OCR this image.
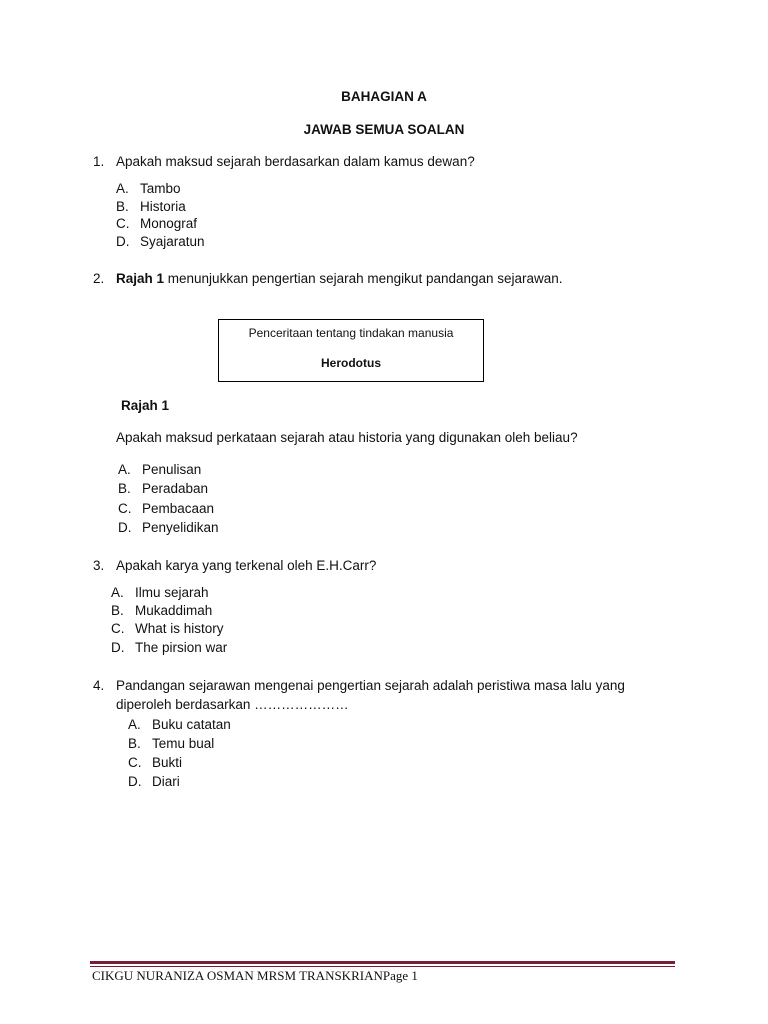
BAHAGIAN A
JAWAB SEMUA SOALAN
1. Apakah maksud sejarah berdasarkan dalam kamus dewan?
A. Tambo
B. Historia
C. Monograf
D. Syajaratun
2. Rajah 1 menunjukkan pengertian sejarah mengikut pandangan sejarawan.
Penceritaan tentang tindakan manusia
Herodotus
Rajah 1
Apakah maksud perkataan sejarah atau historia yang digunakan oleh beliau?
A. Penulisan
B. Peradaban
C. Pembacaan
D. Penyelidikan
3. Apakah karya yang terkenal oleh E.H.Carr?
A. Ilmu sejarah
B. Mukaddimah
C. What is history
D. The pirsion war
4. Pandangan sejarawan mengenai pengertian sejarah adalah peristiwa masa lalu yang
diperoleh berdasarkan …………………
A. Buku catatan
B. Temu bual
C. Bukti
D. Diari
CIKGU NURANIZA OSMAN MRSM TRANSKRIANPage 1
